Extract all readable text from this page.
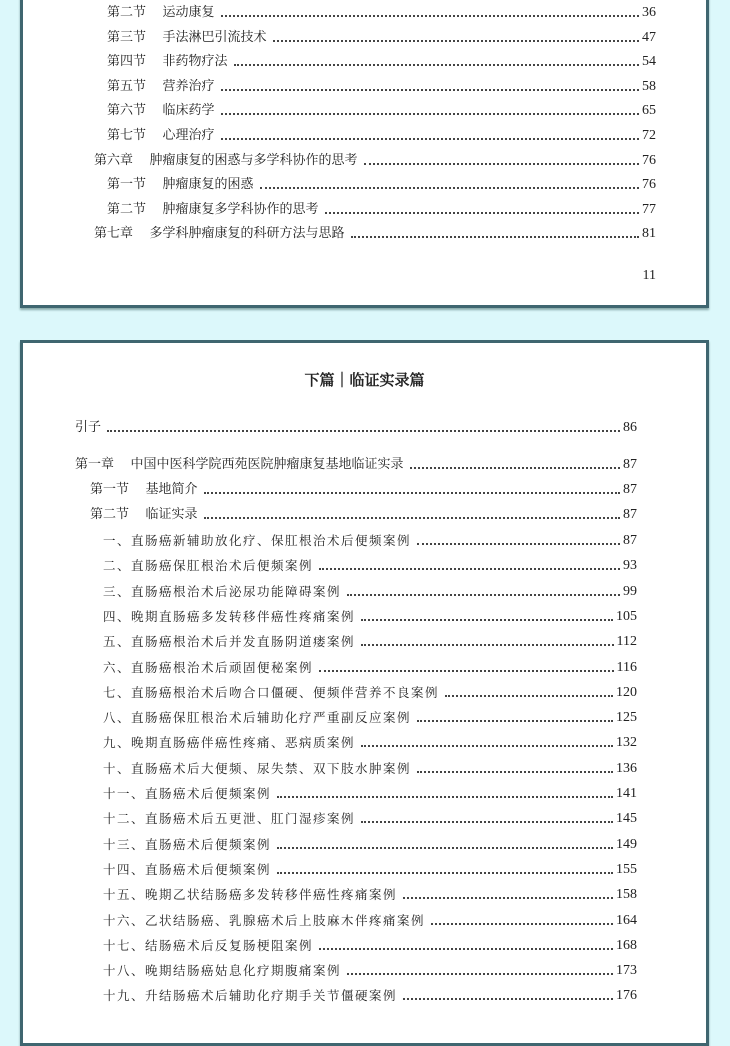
第二节 运动康复	36
第三节 手法淋巴引流技术	47
第四节 非药物疗法	54
第五节 营养治疗	58
第六节 临床药学	65
第七节 心理治疗	72
第六章 肿瘤康复的困惑与多学科协作的思考	76
第一节 肿瘤康复的困惑	76
第二节 肿瘤康复多学科协作的思考	77
第七章 多学科肿瘤康复的科研方法与思路	81
11
下篇｜临证实录篇
引子	86
第一章 中国中医科学院西苑医院肿瘤康复基地临证实录	87
第一节 基地简介	87
第二节 临证实录	87
一、直肠癌新辅助放化疗、保肛根治术后便频案例	87
二、直肠癌保肛根治术后便频案例	93
三、直肠癌根治术后泌尿功能障碍案例	99
四、晚期直肠癌多发转移伴癌性疼痛案例	105
五、直肠癌根治术后并发直肠阴道瘘案例	112
六、直肠癌根治术后顽固便秘案例	116
七、直肠癌根治术后吻合口僵硬、便频伴营养不良案例	120
八、直肠癌保肛根治术后辅助化疗严重副反应案例	125
九、晚期直肠癌伴癌性疼痛、恶病质案例	132
十、直肠癌术后大便频、尿失禁、双下肢水肿案例	136
十一、直肠癌术后便频案例	141
十二、直肠癌术后五更泄、肛门湿疹案例	145
十三、直肠癌术后便频案例	149
十四、直肠癌术后便频案例	155
十五、晚期乙状结肠癌多发转移伴癌性疼痛案例	158
十六、乙状结肠癌、乳腺癌术后上肢麻木伴疼痛案例	164
十七、结肠癌术后反复肠梗阻案例	168
十八、晚期结肠癌姑息化疗期腹痛案例	173
十九、升结肠癌术后辅助化疗期手关节僵硬案例	176
